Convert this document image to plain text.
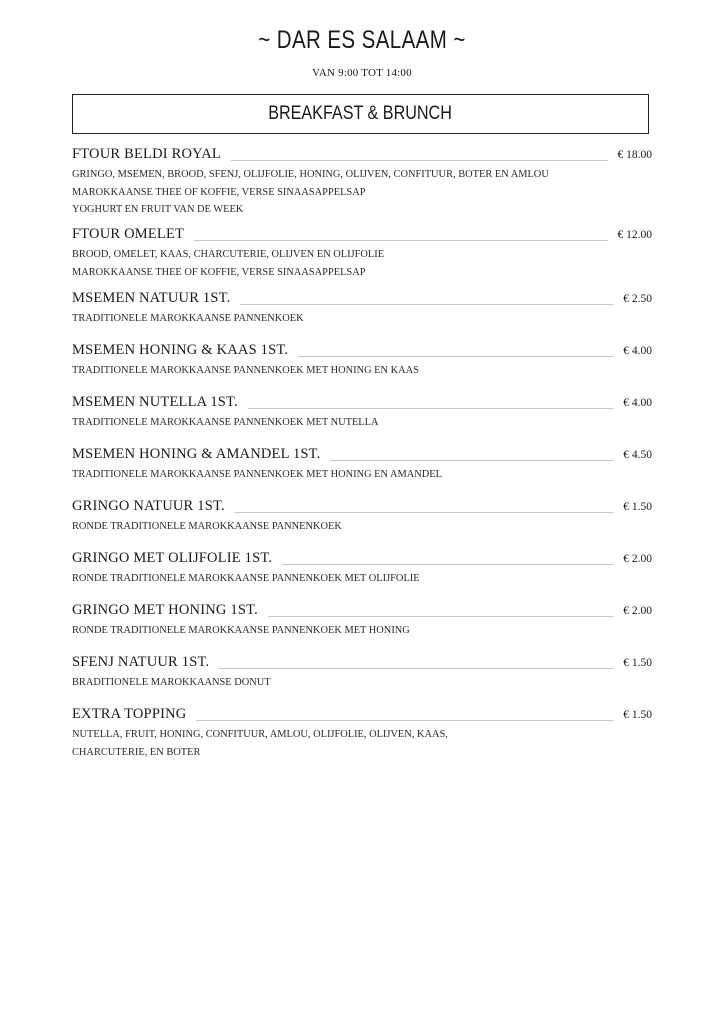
~ DAR ES SALAAM ~
VAN 9:00 TOT 14:00
BREAKFAST & BRUNCH
FTOUR BELDI ROYAL	€ 18.00
GRINGO, MSEMEN, BROOD, SFENJ, OLIJFOLIE, HONING, OLIJVEN, CONFITUUR, BOTER EN AMLOU
MAROKKAANSE THEE OF KOFFIE, VERSE SINAASAPPELSAP
YOGHURT EN FRUIT VAN DE WEEK
FTOUR OMELET	€ 12.00
BROOD, OMELET, KAAS, CHARCUTERIE, OLIJVEN EN OLIJFOLIE
MAROKKAANSE THEE OF KOFFIE, VERSE SINAASAPPELSAP
MSEMEN NATUUR 1ST.	€ 2.50
TRADITIONELE MAROKKAANSE PANNENKOEK
MSEMEN HONING & KAAS 1ST.	€ 4.00
TRADITIONELE MAROKKAANSE PANNENKOEK MET HONING EN KAAS
MSEMEN NUTELLA 1ST.	€ 4.00
TRADITIONELE MAROKKAANSE PANNENKOEK MET NUTELLA
MSEMEN HONING & AMANDEL 1ST.	€ 4.50
TRADITIONELE MAROKKAANSE PANNENKOEK MET HONING EN AMANDEL
GRINGO NATUUR 1ST.	€ 1.50
RONDE TRADITIONELE MAROKKAANSE PANNENKOEK
GRINGO MET OLIJFOLIE 1ST.	€ 2.00
RONDE TRADITIONELE MAROKKAANSE PANNENKOEK MET OLIJFOLIE
GRINGO MET HONING 1ST.	€ 2.00
RONDE TRADITIONELE MAROKKAANSE PANNENKOEK MET HONING
SFENJ NATUUR 1ST.	€ 1.50
BRADITIONELE MAROKKAANSE DONUT
EXTRA TOPPING	€ 1.50
NUTELLA, FRUIT, HONING, CONFITUUR, AMLOU, OLIJFOLIE, OLIJVEN, KAAS,
CHARCUTERIE, EN BOTER
